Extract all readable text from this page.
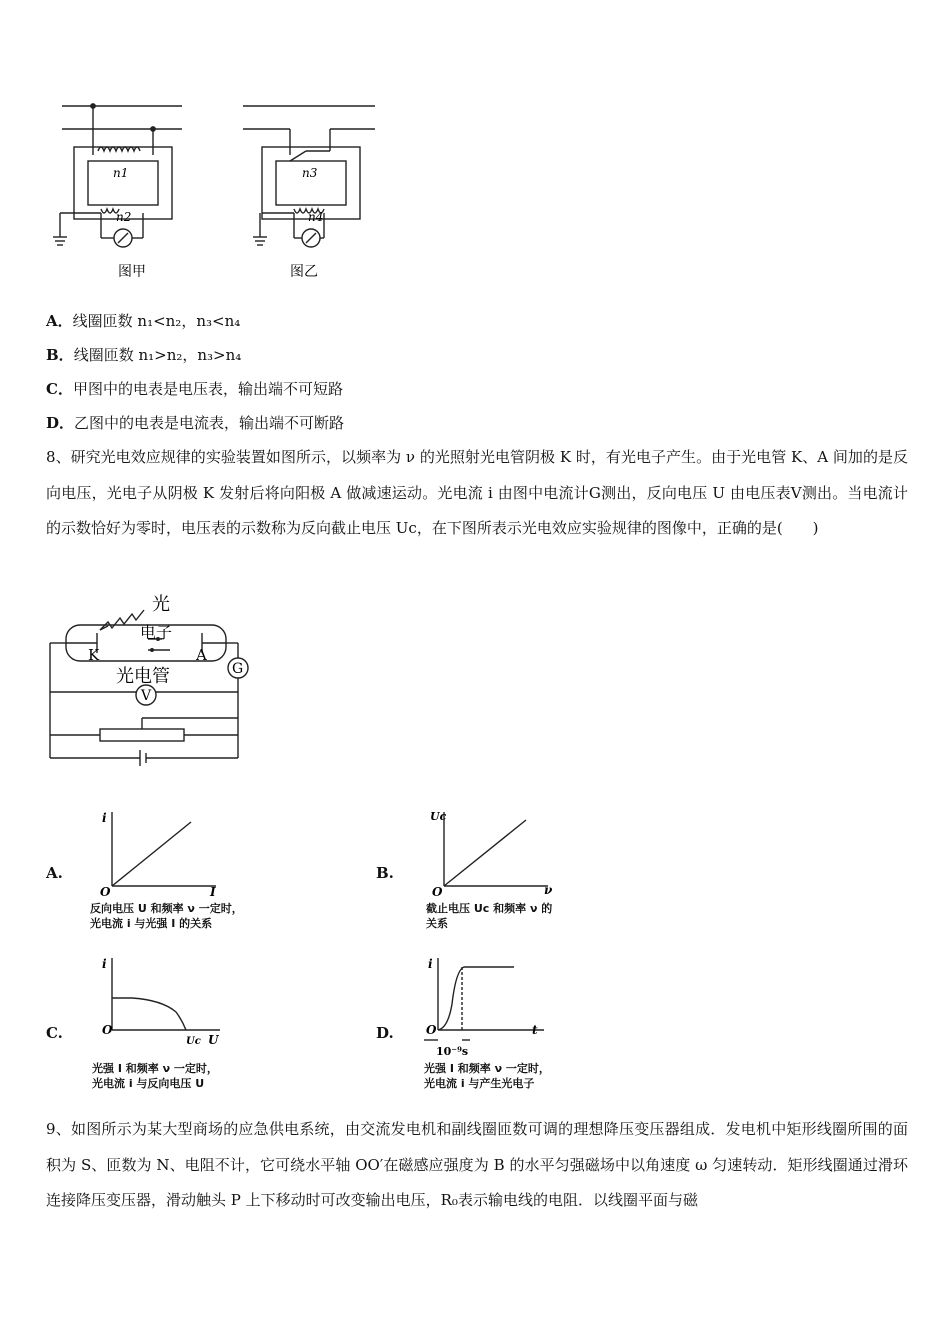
n1
n2
图甲
n3
n4
图乙
A．线圈匝数 n₁<n₂，n₃<n₄
B．线圈匝数 n₁>n₂，n₃>n₄
C．甲图中的电表是电压表，输出端不可短路
D．乙图中的电表是电流表，输出端不可断路
8、研究光电效应规律的实验装置如图所示，以频率为 ν 的光照射光电管阴极 K 时，有光电子产生。由于光电管 K、A 间加的是反向电压，光电子从阴极 K 发射后将向阳极 A 做减速运动。光电流 i 由图中电流计G测出，反向电压 U 由电压表V测出。当电流计的示数恰好为零时，电压表的示数称为反向截止电压 Uc，在下图所表示光电效应实验规律的图像中，正确的是(　　)
光
电子
K	A
光电管	G
V
A.
i
I
O
反向电压 U 和频率 ν 一定时，
光电流 i 与光强 I 的关系
B.
Uc
ν
O
截止电压 Uc 和频率 ν 的
关系
C.
i
U
O
Uc
光强 I 和频率 ν 一定时，
光电流 i 与反向电压 U
D.
i
t
O
10⁻⁹s
光强 I 和频率 ν 一定时，
光电流 i 与产生光电子
9、如图所示为某大型商场的应急供电系统，由交流发电机和副线圈匝数可调的理想降压变压器组成．发电机中矩形线圈所围的面积为 S、匝数为 N、电阻不计，它可绕水平轴 OO′在磁感应强度为 B 的水平匀强磁场中以角速度 ω 匀速转动．矩形线圈通过滑环连接降压变压器，滑动触头 P 上下移动时可改变输出电压，R₀表示输电线的电阻．以线圈平面与磁
